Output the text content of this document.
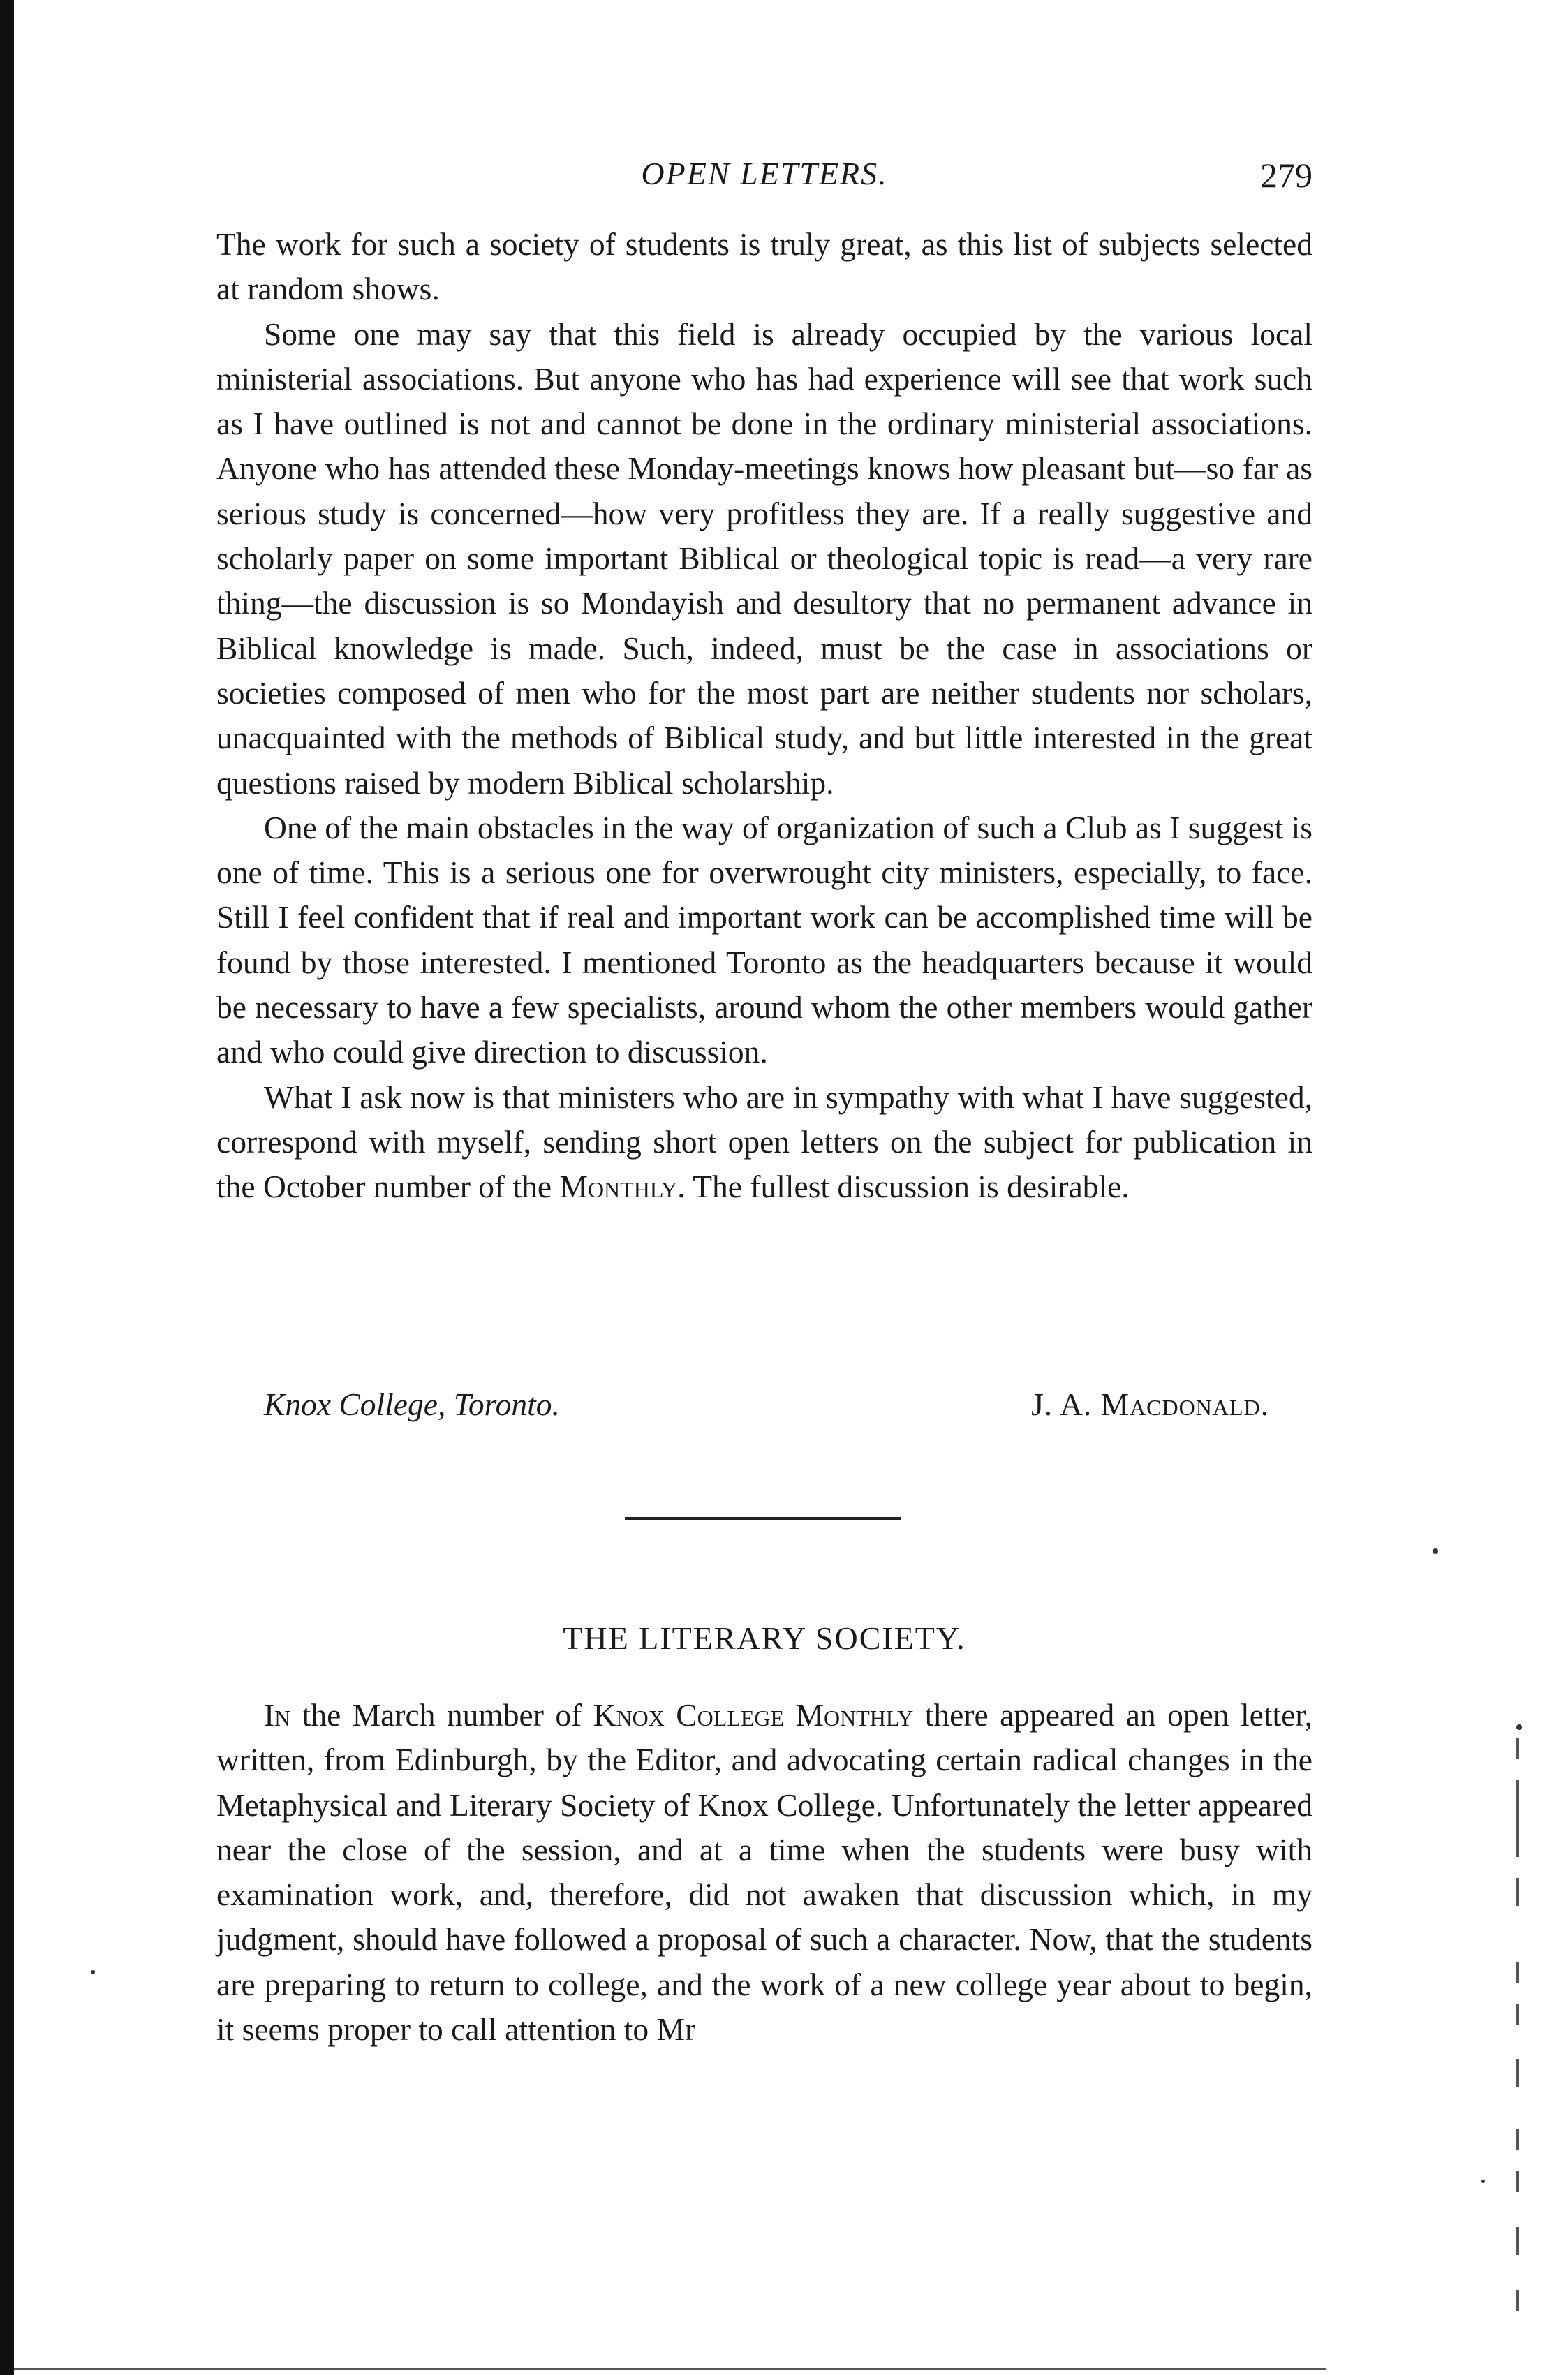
OPEN LETTERS.	279

The work for such a society of students is truly great, as this list of subjects selected at random shows.

Some one may say that this field is already occupied by the various local ministerial associations. But anyone who has had experience will see that work such as I have outlined is not and cannot be done in the ordinary ministerial associations. Anyone who has attended these Monday-meetings knows how pleasant but—so far as serious study is concerned—how very profitless they are. If a really suggestive and scholarly paper on some important Biblical or theological topic is read—a very rare thing—the discussion is so Mondayish and desultory that no permanent advance in Biblical knowledge is made. Such, indeed, must be the case in associations or societies composed of men who for the most part are neither students nor scholars, unacquainted with the methods of Biblical study, and but little interested in the great questions raised by modern Biblical scholarship.

One of the main obstacles in the way of organization of such a Club as I suggest is one of time. This is a serious one for overwrought city ministers, especially, to face. Still I feel confident that if real and important work can be accomplished time will be found by those interested. I mentioned Toronto as the headquarters because it would be necessary to have a few specialists, around whom the other members would gather and who could give direction to discussion.

What I ask now is that ministers who are in sympathy with what I have suggested, correspond with myself, sending short open letters on the subject for publication in the October number of the Monthly. The fullest discussion is desirable.

Knox College, Toronto.	J. A. Macdonald.
THE LITERARY SOCIETY.

In the March number of Knox College Monthly there appeared an open letter, written, from Edinburgh, by the Editor, and advocating certain radical changes in the Metaphysical and Literary Society of Knox College. Unfortunately the letter appeared near the close of the session, and at a time when the students were busy with examination work, and, therefore, did not awaken that discussion which, in my judgment, should have followed a proposal of such a character. Now, that the students are preparing to return to college, and the work of a new college year about to begin, it seems proper to call attention to Mr
